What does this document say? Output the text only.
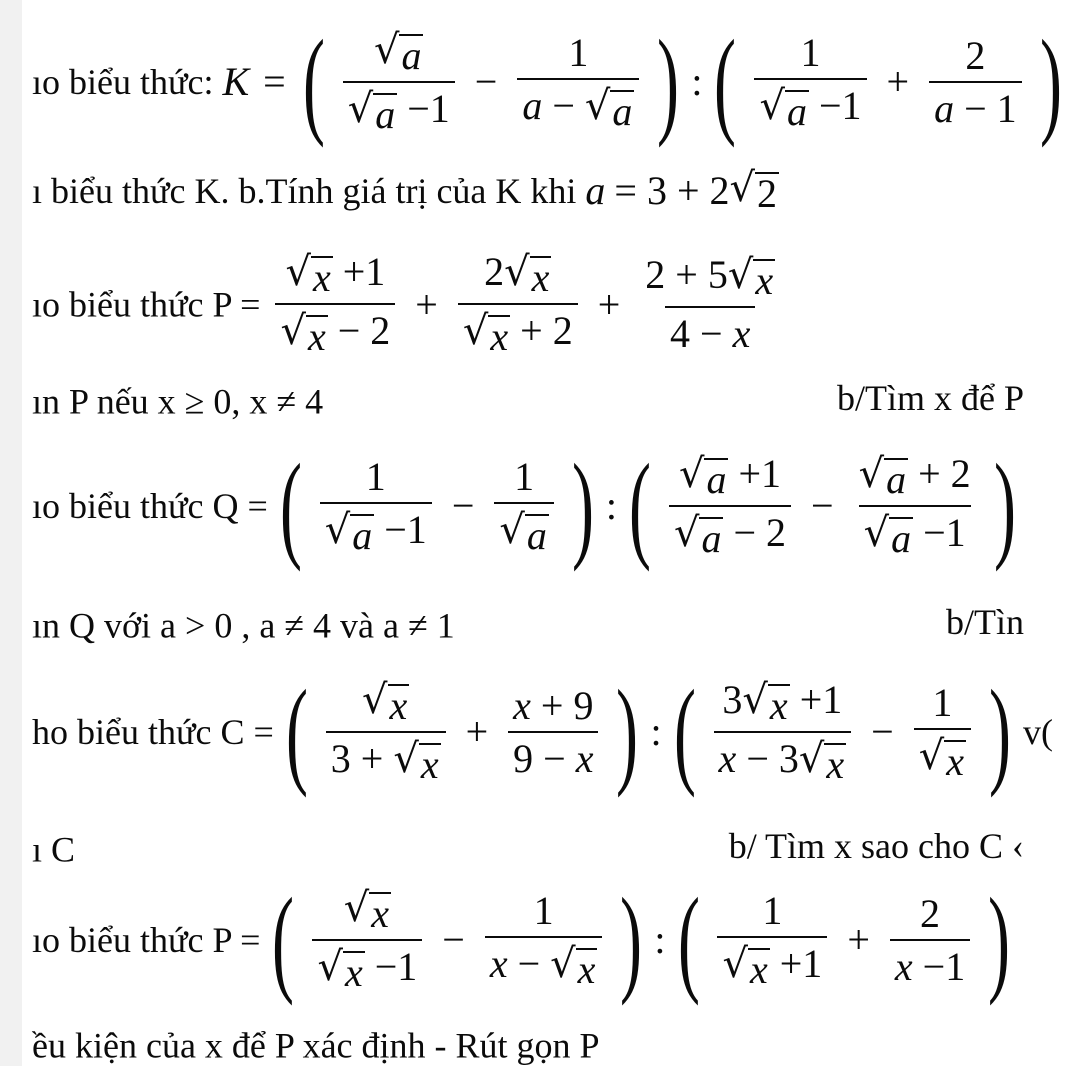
ıo biểu thức: K = ( $\frac{√ a}{√ a -1} - \frac{1}{a - √ a}$ ) : ( $\frac{1}{√ a -1} + \frac{2}{a - 1}$ )
ı biểu thức K. b.Tính giá trị của K khi a = 3 + 2 √ 2
ıo biểu thức $P = \frac{√ x +1}{√ x - 2} + \frac{2 √ x}{√ x + 2} + \frac{2 + 5 √ x}{4 - x}$
ın P nếu x ≥ 0, x ≠ 4	b/Tìm x để P
ıo biểu thức Q = ( $\frac{1}{√ a -1} - \frac{1}{√ a}$ ) : ( $\frac{√ a +1}{√ a - 2} - \frac{√ a + 2}{√ a -1}$ )
ın Q với a > 0 , a ≠ 4 và a ≠ 1	b/Tìn
ho biểu thức C = ( $\frac{√ x}{3 + √ x} + \frac{x + 9}{9 - x}$ ) : ( $\frac{3 √ x +1}{x - 3 √ x} - \frac{1}{√ x}$ ) v(
ı C	b/ Tìm x sao cho C ‹
ıo biểu thức P = ( $\frac{√ x}{√ x -1} - \frac{1}{x - √ x}$ ) : ( $\frac{1}{√ x +1} + \frac{2}{x -1}$ )
ều kiện của x để P xác định - Rút gọn P
